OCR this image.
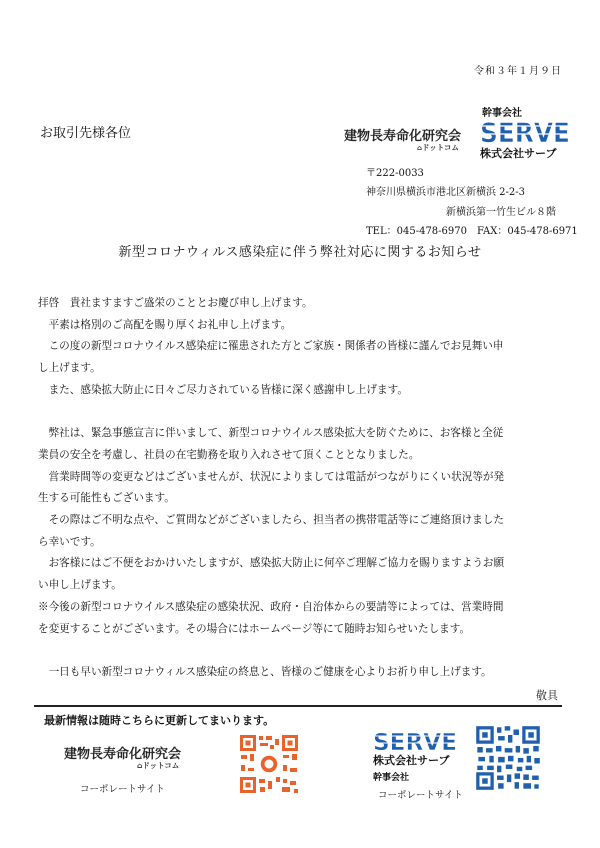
令和３年１月９日
お取引先様各位	建物長寿命化研究会
⌂ドットコム
幹事会社
SERVE
株式会社サーブ
〒222-0033
神奈川県横浜市港北区新横浜 2-2-3
新横浜第一竹生ビル８階
TEL：045-478-6970　FAX：045-478-6971
新型コロナウィルス感染症に伴う弊社対応に関するお知らせ

拝啓　貴社ますますご盛栄のこととお慶び申し上げます。

　平素は格別のご高配を賜り厚くお礼申し上げます。

　この度の新型コロナウイルス感染症に罹患された方とご家族・関係者の皆様に謹んでお見舞い申

し上げます。

　また、感染拡大防止に日々ご尽力されている皆様に深く感謝申し上げます。

　弊社は、緊急事態宣言に伴いまして、新型コロナウイルス感染拡大を防ぐために、お客様と全従

業員の安全を考慮し、社員の在宅勤務を取り入れさせて頂くこととなりました。

　営業時間等の変更などはございませんが、状況によりましては電話がつながりにくい状況等が発

生する可能性もございます。

　その際はご不明な点や、ご質問などがございましたら、担当者の携帯電話等にご連絡頂けました

ら幸いです。

　お客様にはご不便をおかけいたしますが、感染拡大防止に何卒ご理解ご協力を賜りますようお願

い申し上げます。

※今後の新型コロナウイルス感染症の感染状況、政府・自治体からの要請等によっては、営業時間

を変更することがございます。その場合にはホームページ等にて随時お知らせいたします。

　一日も早い新型コロナウィルス感染症の終息と、皆様のご健康を心よりお祈り申し上げます。

敬具
最新情報は随時こちらに更新してまいります。
建物長寿命化研究会
⌂ドットコム
コーポレートサイト
SERVE
株式会社サーブ
幹事会社
コーポレートサイト
